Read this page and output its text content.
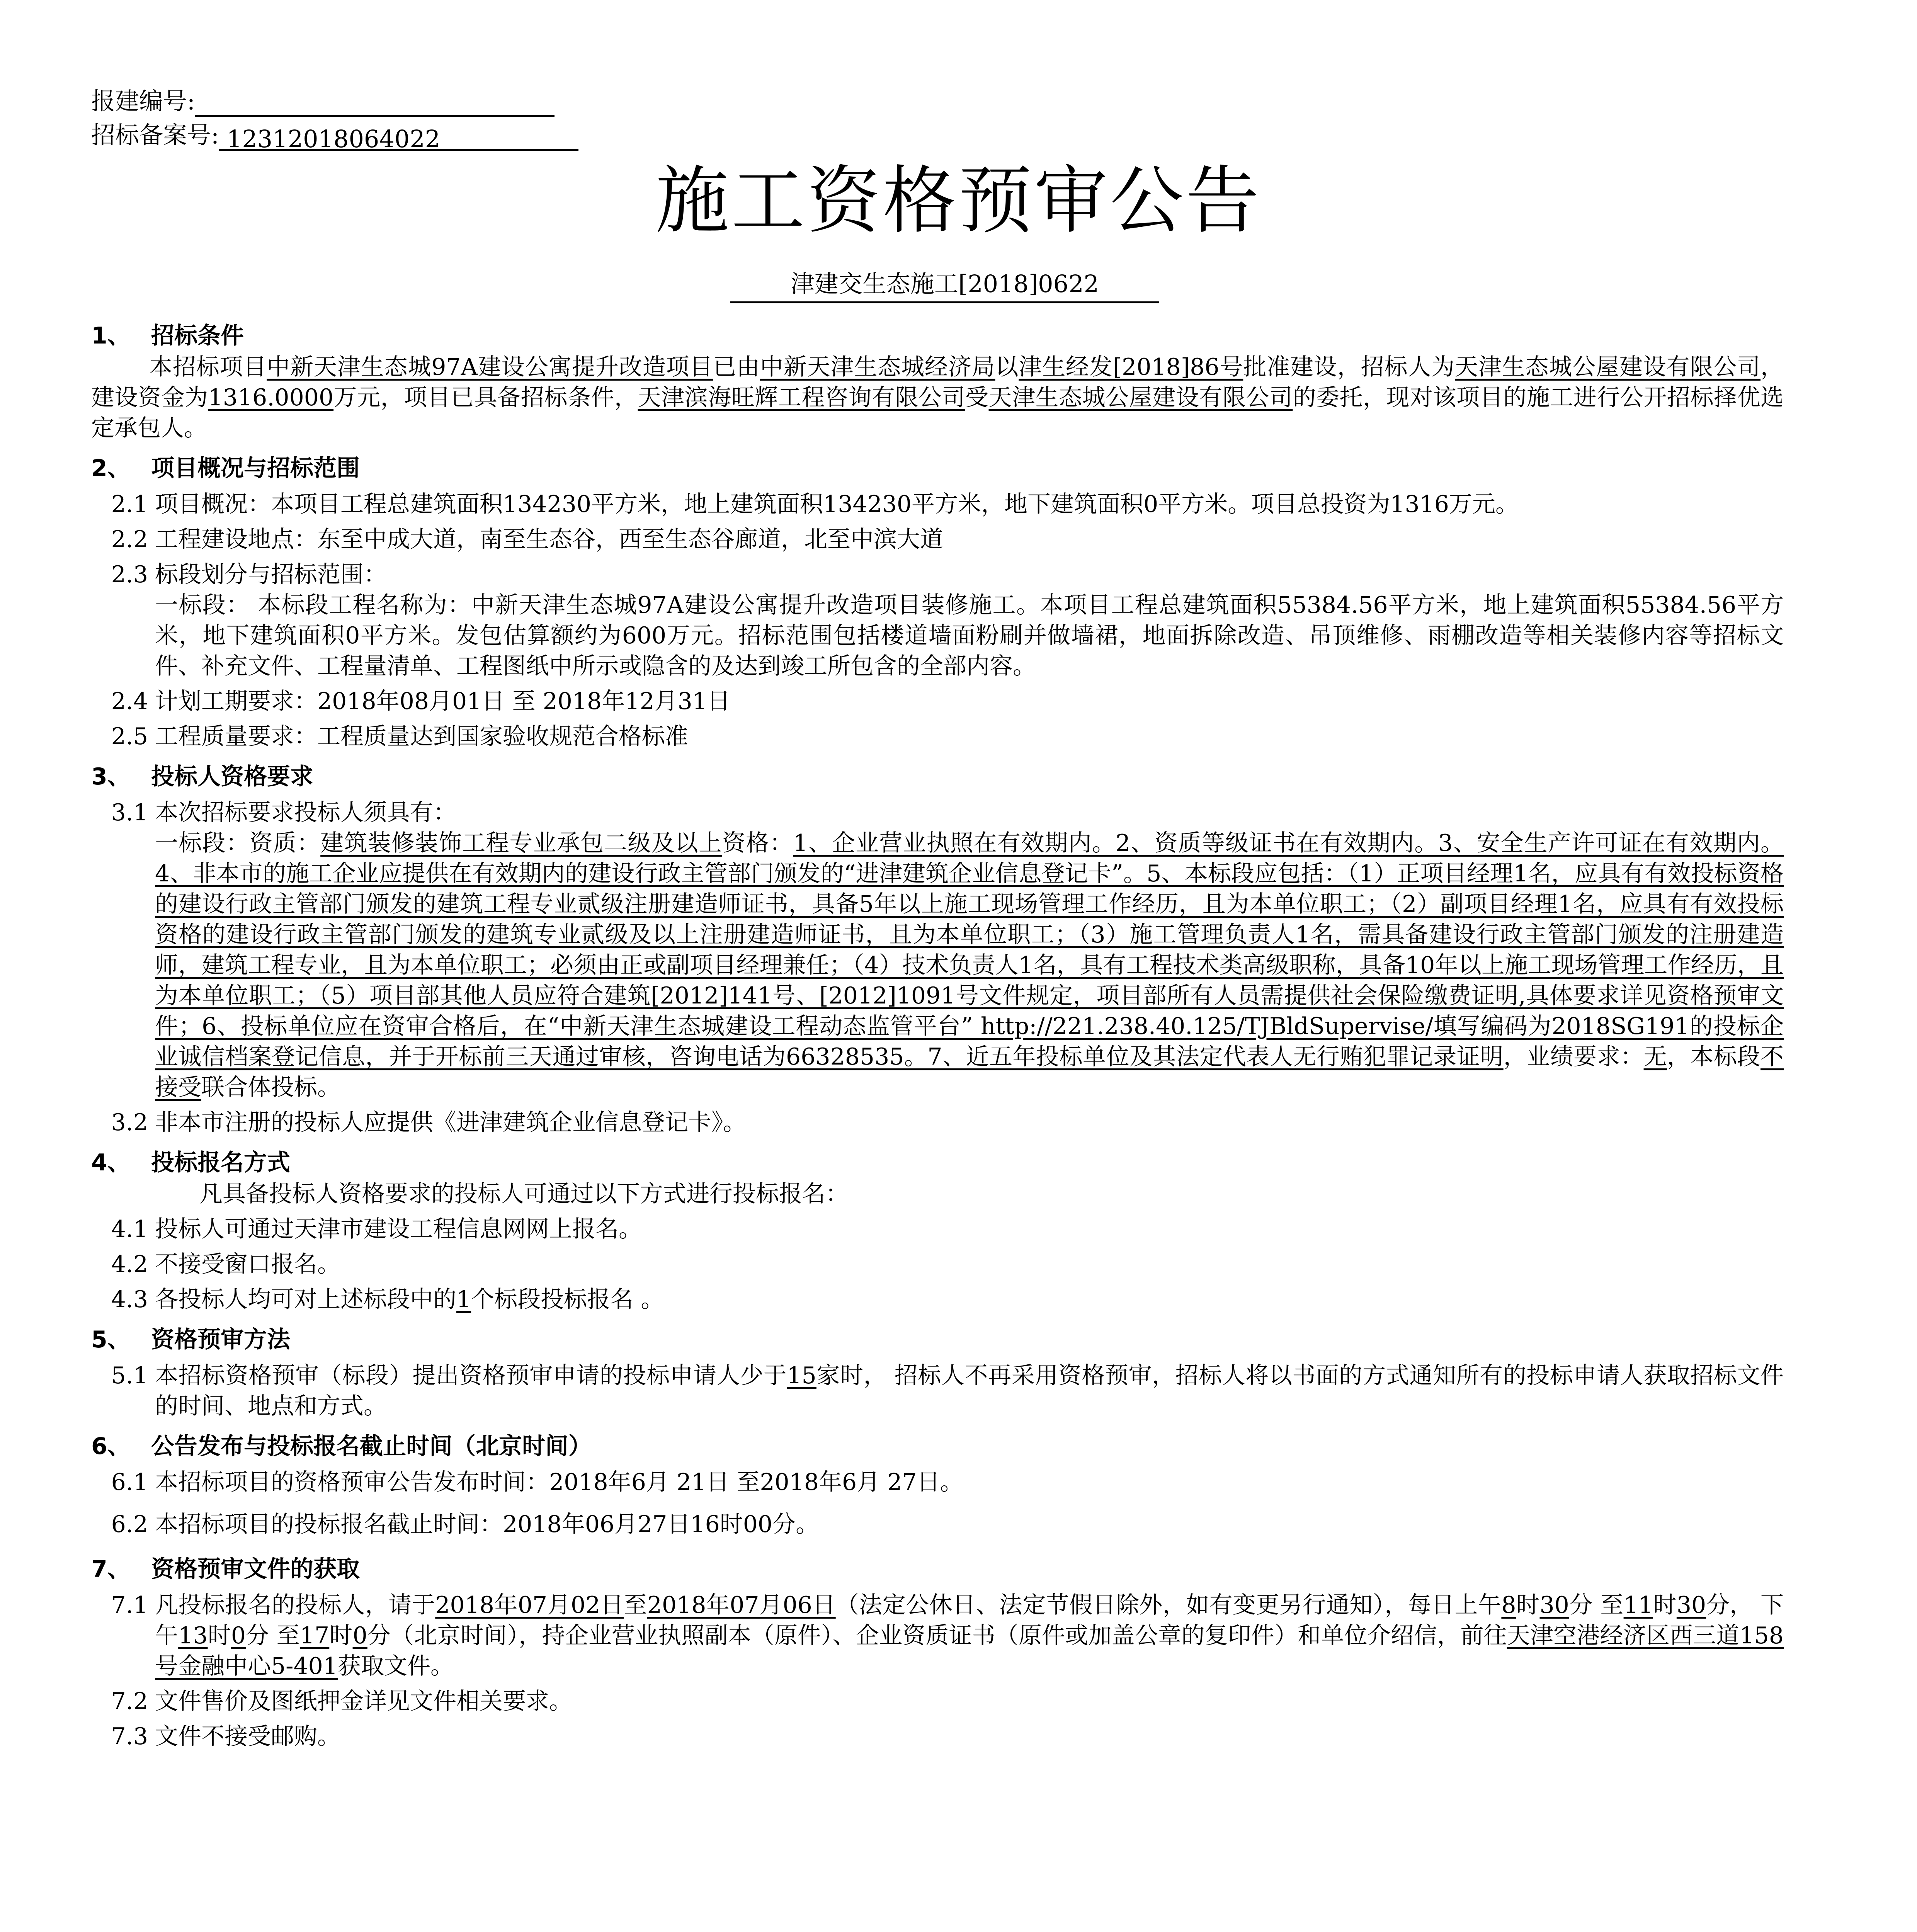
报建编号:
招标备案号: 12312018064022
施工资格预审公告
津建交生态施工[2018]0622
1、 招标条件
本招标项目中新天津生态城97A建设公寓提升改造项目已由中新天津生态城经济局以津生经发[2018]86号批准建设，招标人为天津生态城公屋建设有限公司，建设资金为1316.0000万元，项目已具备招标条件，天津滨海旺辉工程咨询有限公司受天津生态城公屋建设有限公司的委托，现对该项目的施工进行公开招标择优选定承包人。
2、 项目概况与招标范围
2.1 项目概况：本项目工程总建筑面积134230平方米，地上建筑面积134230平方米，地下建筑面积0平方米。项目总投资为1316万元。
2.2 工程建设地点：东至中成大道，南至生态谷，西至生态谷廊道，北至中滨大道
2.3 标段划分与招标范围：
一标段： 本标段工程名称为：中新天津生态城97A建设公寓提升改造项目装修施工。本项目工程总建筑面积55384.56平方米，地上建筑面积55384.56平方米，地下建筑面积0平方米。发包估算额约为600万元。招标范围包括楼道墙面粉刷并做墙裙，地面拆除改造、吊顶维修、雨棚改造等相关装修内容等招标文件、补充文件、工程量清单、工程图纸中所示或隐含的及达到竣工所包含的全部内容。
2.4 计划工期要求：2018年08月01日 至 2018年12月31日
2.5 工程质量要求：工程质量达到国家验收规范合格标准
3、 投标人资格要求
3.1 本次招标要求投标人须具有：
一标段：资质：建筑装修装饰工程专业承包二级及以上资格：1、企业营业执照在有效期内。2、资质等级证书在有效期内。3、安全生产许可证在有效期内。4、非本市的施工企业应提供在有效期内的建设行政主管部门颁发的“进津建筑企业信息登记卡”。5、本标段应包括：（1）正项目经理1名，应具有有效投标资格的建设行政主管部门颁发的建筑工程专业贰级注册建造师证书，具备5年以上施工现场管理工作经历，且为本单位职工；（2）副项目经理1名，应具有有效投标资格的建设行政主管部门颁发的建筑专业贰级及以上注册建造师证书，且为本单位职工；（3）施工管理负责人1名，需具备建设行政主管部门颁发的注册建造师，建筑工程专业，且为本单位职工；必须由正或副项目经理兼任；（4）技术负责人1名，具有工程技术类高级职称，具备10年以上施工现场管理工作经历，且为本单位职工；（5）项目部其他人员应符合建筑[2012]141号、[2012]1091号文件规定，项目部所有人员需提供社会保险缴费证明,具体要求详见资格预审文件；6、投标单位应在资审合格后，在“中新天津生态城建设工程动态监管平台” http://221.238.40.125/TJBldSupervise/填写编码为2018SG191的投标企业诚信档案登记信息，并于开标前三天通过审核，咨询电话为66328535。7、近五年投标单位及其法定代表人无行贿犯罪记录证明，业绩要求：无，本标段不接受联合体投标。
3.2 非本市注册的投标人应提供《进津建筑企业信息登记卡》。
4、 投标报名方式
凡具备投标人资格要求的投标人可通过以下方式进行投标报名：
4.1 投标人可通过天津市建设工程信息网网上报名。
4.2 不接受窗口报名。
4.3 各投标人均可对上述标段中的1个标段投标报名 。
5、 资格预审方法
5.1 本招标资格预审（标段）提出资格预审申请的投标申请人少于15家时， 招标人不再采用资格预审，招标人将以书面的方式通知所有的投标申请人获取招标文件的时间、地点和方式。
6、 公告发布与投标报名截止时间（北京时间）
6.1 本招标项目的资格预审公告发布时间：2018年6月 21日 至2018年6月 27日。
6.2 本招标项目的投标报名截止时间：2018年06月27日16时00分。
7、 资格预审文件的获取
7.1 凡投标报名的投标人，请于2018年07月02日至2018年07月06日（法定公休日、法定节假日除外，如有变更另行通知），每日上午8时30分 至11时30分， 下午13时0分 至17时0分（北京时间），持企业营业执照副本（原件）、企业资质证书（原件或加盖公章的复印件）和单位介绍信，前往天津空港经济区西三道158号金融中心5-401获取文件。
7.2 文件售价及图纸押金详见文件相关要求。
7.3 文件不接受邮购。
